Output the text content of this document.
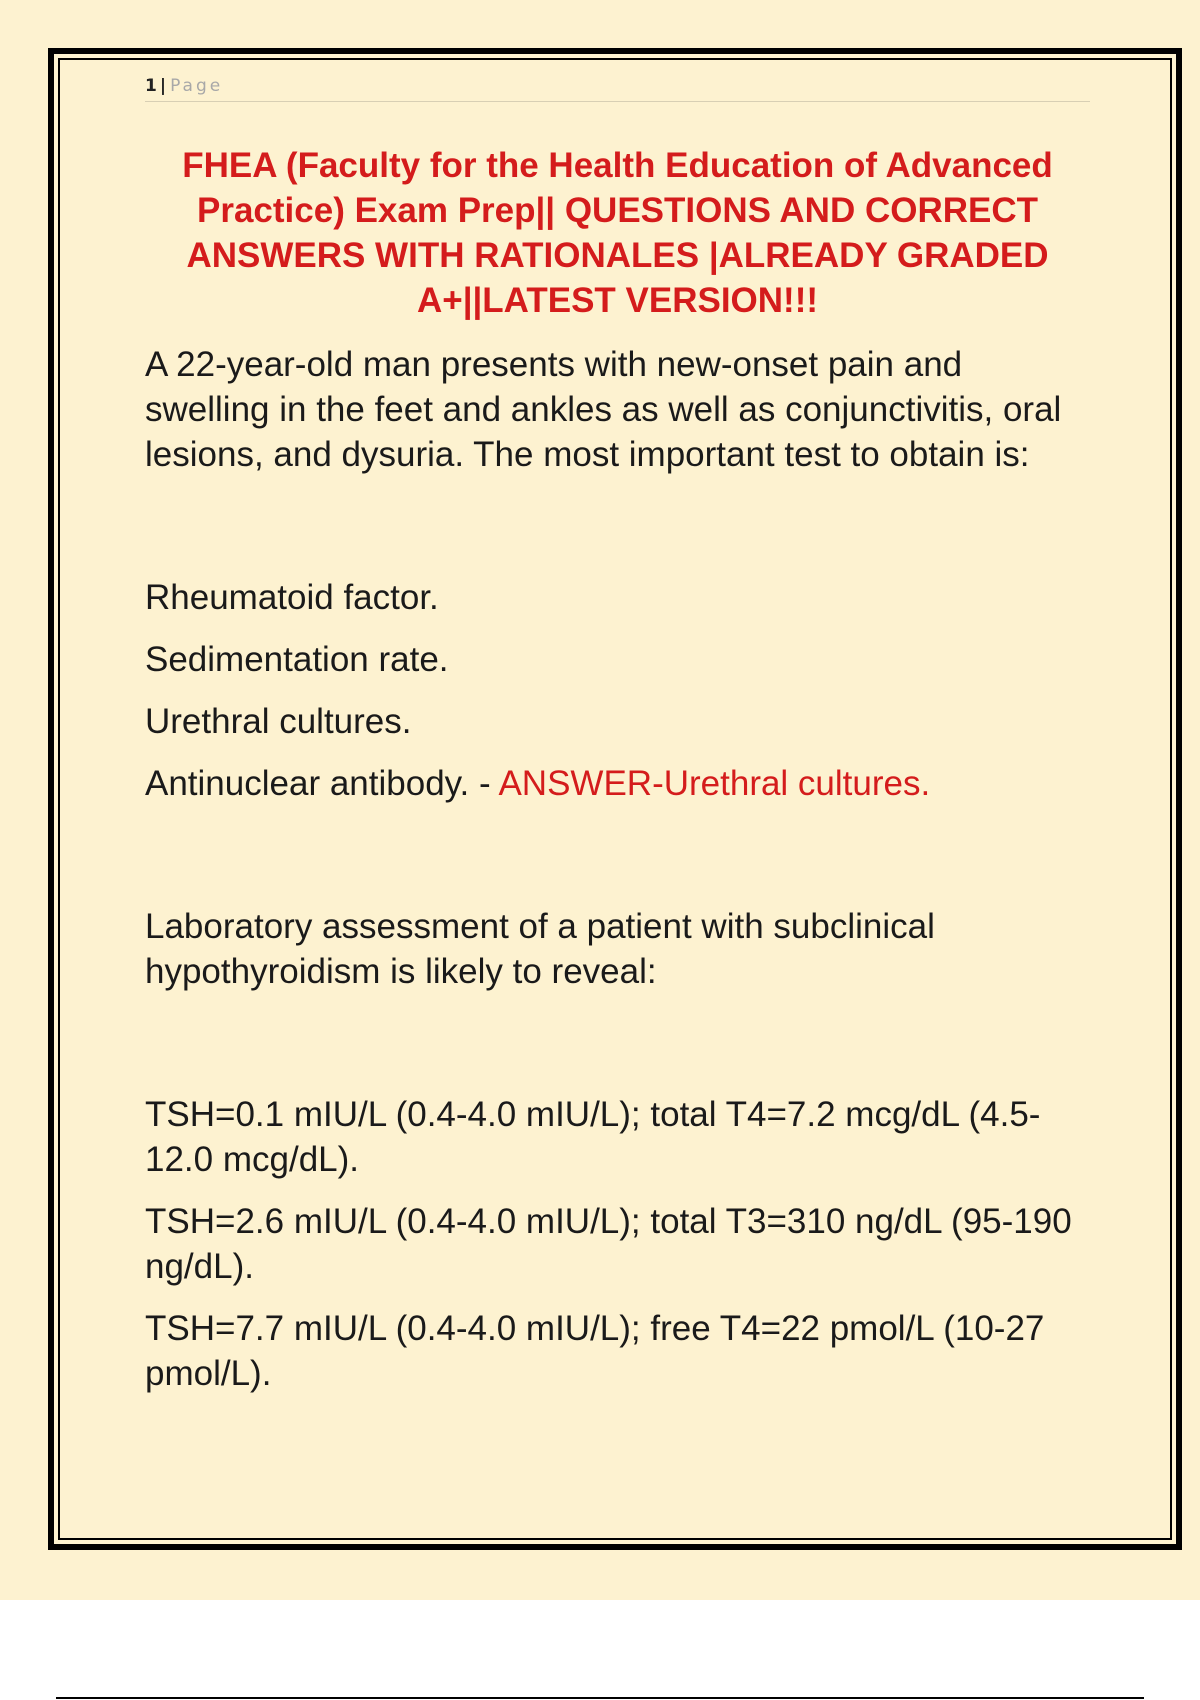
1 | Page
FHEA (Faculty for the Health Education of Advanced Practice) Exam Prep|| QUESTIONS AND CORRECT ANSWERS WITH RATIONALES |ALREADY GRADED A+||LATEST VERSION!!!

A 22-year-old man presents with new-onset pain and swelling in the feet and ankles as well as conjunctivitis, oral lesions, and dysuria. The most important test to obtain is:

Rheumatoid factor.

Sedimentation rate.

Urethral cultures.

Antinuclear antibody. - ANSWER-Urethral cultures.

Laboratory assessment of a patient with subclinical hypothyroidism is likely to reveal:

TSH=0.1 mIU/L (0.4-4.0 mIU/L); total T4=7.2 mcg/dL (4.5-12.0 mcg/dL).

TSH=2.6 mIU/L (0.4-4.0 mIU/L); total T3=310 ng/dL (95-190 ng/dL).

TSH=7.7 mIU/L (0.4-4.0 mIU/L); free T4=22 pmol/L (10-27 pmol/L).
